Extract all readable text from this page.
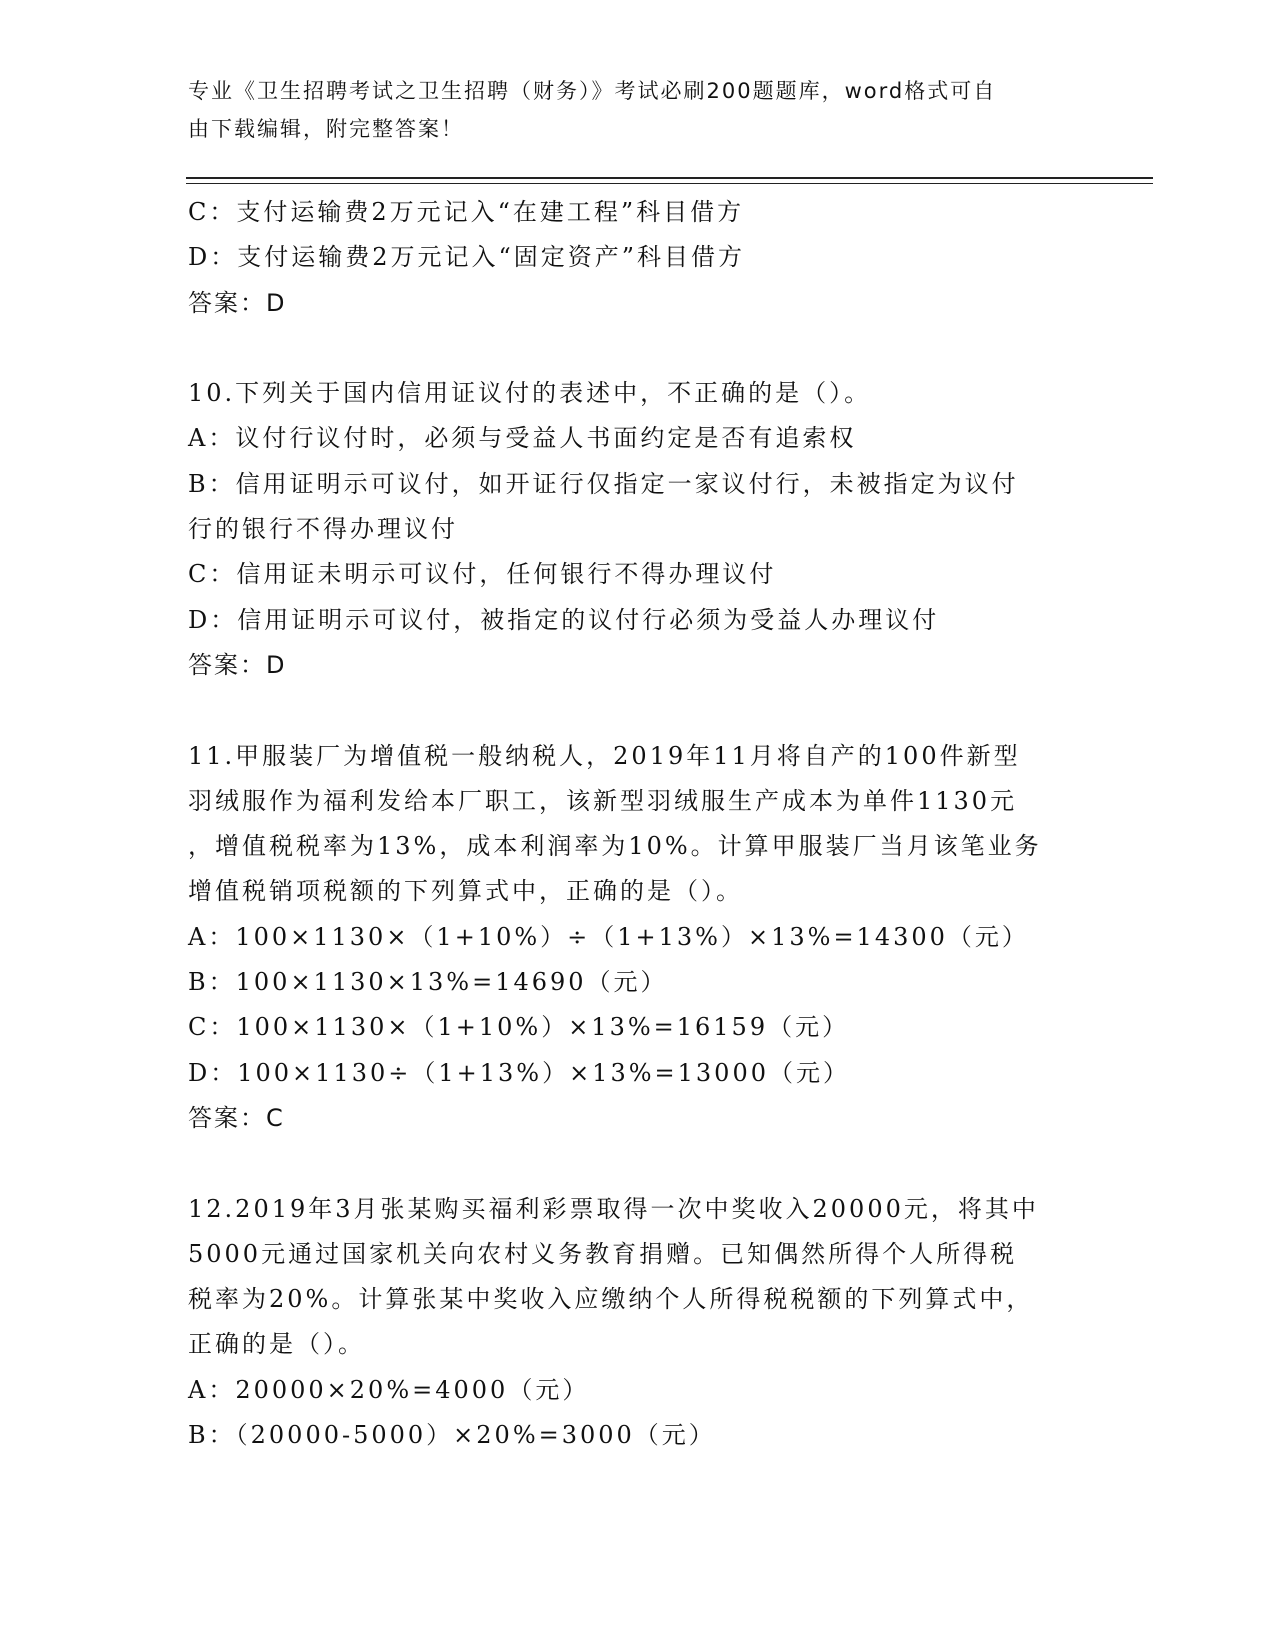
专业《卫生招聘考试之卫生招聘（财务）》考试必刷200题题库，word格式可自
由下载编辑，附完整答案！
C：支付运输费2万元记入“在建工程”科目借方
D：支付运输费2万元记入“固定资产”科目借方
答案：D
10.下列关于国内信用证议付的表述中，不正确的是（）。
A：议付行议付时，必须与受益人书面约定是否有追索权
B：信用证明示可议付，如开证行仅指定一家议付行，未被指定为议付
行的银行不得办理议付
C：信用证未明示可议付，任何银行不得办理议付
D：信用证明示可议付，被指定的议付行必须为受益人办理议付
答案：D
11.甲服装厂为增值税一般纳税人，2019年11月将自产的100件新型
羽绒服作为福利发给本厂职工，该新型羽绒服生产成本为单件1130元
，增值税税率为13%，成本利润率为10%。计算甲服装厂当月该笔业务
增值税销项税额的下列算式中，正确的是（）。
A：100×1130×（1+10%）÷（1+13%）×13%=14300（元）
B：100×1130×13%=14690（元）
C：100×1130×（1+10%）×13%=16159（元）
D：100×1130÷（1+13%）×13%=13000（元）
答案：C
12.2019年3月张某购买福利彩票取得一次中奖收入20000元，将其中
5000元通过国家机关向农村义务教育捐赠。已知偶然所得个人所得税
税率为20%。计算张某中奖收入应缴纳个人所得税税额的下列算式中，
正确的是（）。
A：20000×20%=4000（元）
B：（20000-5000）×20%=3000（元）
